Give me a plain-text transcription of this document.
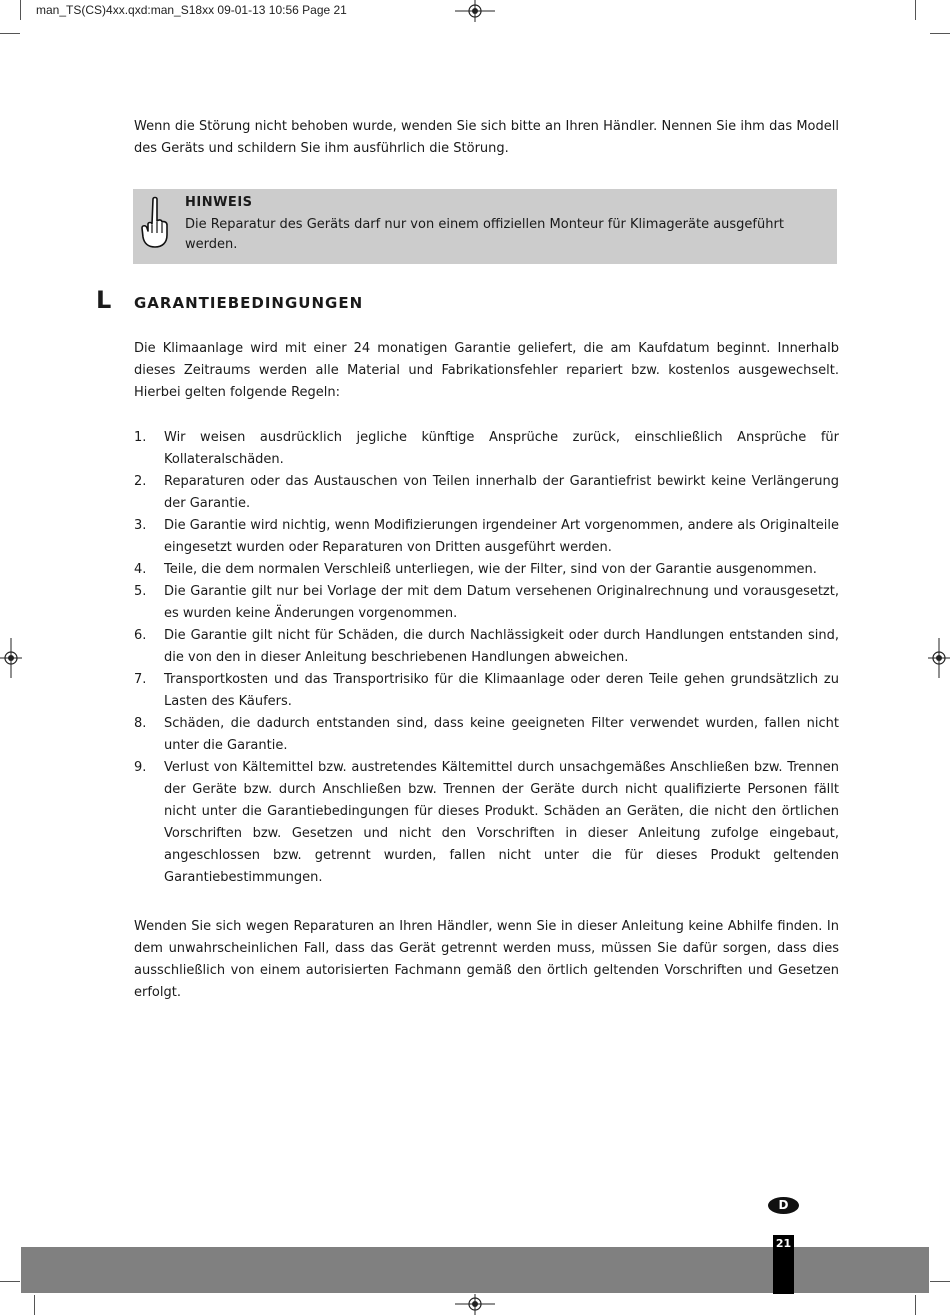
man_TS(CS)4xx.qxd:man_S18xx 09-01-13 10:56 Page 21

Wenn die Störung nicht behoben wurde, wenden Sie sich bitte an Ihren Händler. Nennen Sie ihm das Modell des Geräts und schildern Sie ihm ausführlich die Störung.

HINWEIS
Die Reparatur des Geräts darf nur von einem offiziellen Monteur für Klimageräte ausgeführt werden.
L GARANTIEBEDINGUNGEN

Die Klimaanlage wird mit einer 24 monatigen Garantie geliefert, die am Kaufdatum beginnt. Innerhalb dieses Zeitraums werden alle Material und Fabrikationsfehler repariert bzw. kostenlos ausgewechselt. Hierbei gelten folgende Regeln:

1. Wir weisen ausdrücklich jegliche künftige Ansprüche zurück, einschließlich Ansprüche für Kollateralschäden.
2. Reparaturen oder das Austauschen von Teilen innerhalb der Garantiefrist bewirkt keine Verlängerung der Garantie.
3. Die Garantie wird nichtig, wenn Modifizierungen irgendeiner Art vorgenommen, andere als Originalteile eingesetzt wurden oder Reparaturen von Dritten ausgeführt werden.
4. Teile, die dem normalen Verschleiß unterliegen, wie der Filter, sind von der Garantie ausgenommen.
5. Die Garantie gilt nur bei Vorlage der mit dem Datum versehenen Originalrechnung und vorausgesetzt, es wurden keine Änderungen vorgenommen.
6. Die Garantie gilt nicht für Schäden, die durch Nachlässigkeit oder durch Handlungen entstanden sind, die von den in dieser Anleitung beschriebenen Handlungen abweichen.
7. Transportkosten und das Transportrisiko für die Klimaanlage oder deren Teile gehen grundsätzlich zu Lasten des Käufers.
8. Schäden, die dadurch entstanden sind, dass keine geeigneten Filter verwendet wurden, fallen nicht unter die Garantie.
9. Verlust von Kältemittel bzw. austretendes Kältemittel durch unsachgemäßes Anschließen bzw. Trennen der Geräte bzw. durch Anschließen bzw. Trennen der Geräte durch nicht qualifizierte Personen fällt nicht unter die Garantiebedingungen für dieses Produkt. Schäden an Geräten, die nicht den örtlichen Vorschriften bzw. Gesetzen und nicht den Vorschriften in dieser Anleitung zufolge eingebaut, angeschlossen bzw. getrennt wurden, fallen nicht unter die für dieses Produkt geltenden Garantiebestimmungen.

Wenden Sie sich wegen Reparaturen an Ihren Händler, wenn Sie in dieser Anleitung keine Abhilfe finden. In dem unwahrscheinlichen Fall, dass das Gerät getrennt werden muss, müssen Sie dafür sorgen, dass dies ausschließlich von einem autorisierten Fachmann gemäß den örtlich geltenden Vorschriften und Gesetzen erfolgt.

D
21
